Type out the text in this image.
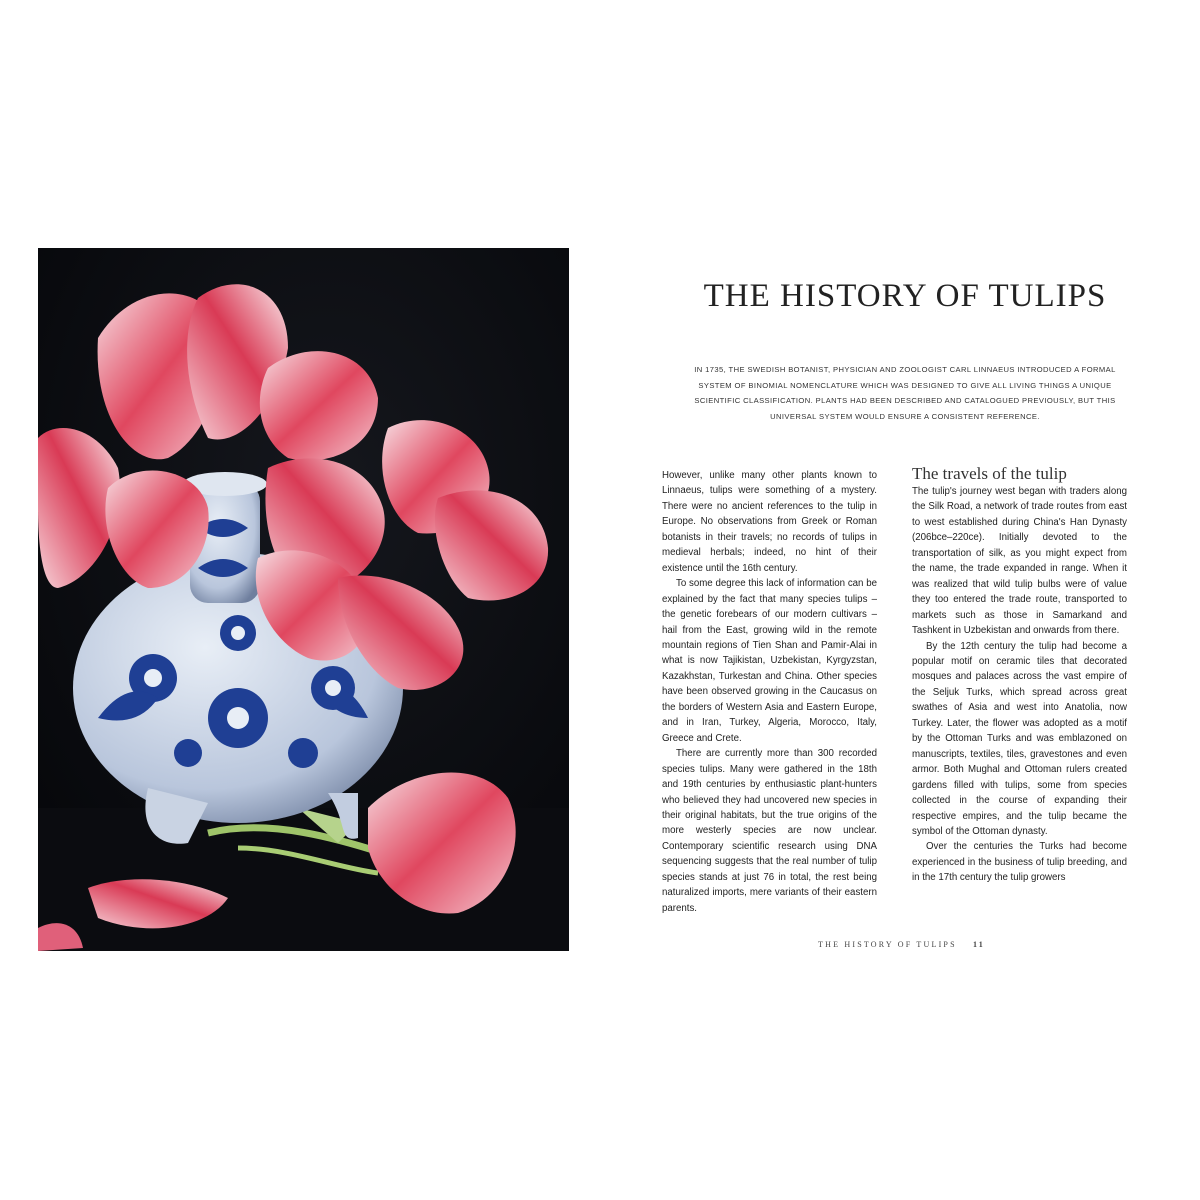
THE HISTORY OF TULIPS

IN 1735, THE SWEDISH BOTANIST, PHYSICIAN AND ZOOLOGIST CARL LINNAEUS INTRODUCED A FORMAL SYSTEM OF BINOMIAL NOMENCLATURE WHICH WAS DESIGNED TO GIVE ALL LIVING THINGS A UNIQUE SCIENTIFIC CLASSIFICATION. PLANTS HAD BEEN DESCRIBED AND CATALOGUED PREVIOUSLY, BUT THIS UNIVERSAL SYSTEM WOULD ENSURE A CONSISTENT REFERENCE.

However, unlike many other plants known to Linnaeus, tulips were something of a mystery. There were no ancient references to the tulip in Europe. No observations from Greek or Roman botanists in their travels; no records of tulips in medieval herbals; indeed, no hint of their existence until the 16th century.

To some degree this lack of information can be explained by the fact that many species tulips – the genetic forebears of our modern cultivars – hail from the East, growing wild in the remote mountain regions of Tien Shan and Pamir-Alai in what is now Tajikistan, Uzbekistan, Kyrgyzstan, Kazakhstan, Turkestan and China. Other species have been observed growing in the Caucasus on the borders of Western Asia and Eastern Europe, and in Iran, Turkey, Algeria, Morocco, Italy, Greece and Crete.

There are currently more than 300 recorded species tulips. Many were gathered in the 18th and 19th centuries by enthusiastic plant-hunters who believed they had uncovered new species in their original habitats, but the true origins of the more westerly species are now unclear. Contemporary scientific research using DNA sequencing suggests that the real number of tulip species stands at just 76 in total, the rest being naturalized imports, mere variants of their eastern parents.

The travels of the tulip

The tulip's journey west began with traders along the Silk Road, a network of trade routes from east to west established during China's Han Dynasty (206bce–220ce). Initially devoted to the transportation of silk, as you might expect from the name, the trade expanded in range. When it was realized that wild tulip bulbs were of value they too entered the trade route, transported to markets such as those in Samarkand and Tashkent in Uzbekistan and onwards from there.

By the 12th century the tulip had become a popular motif on ceramic tiles that decorated mosques and palaces across the vast empire of the Seljuk Turks, which spread across great swathes of Asia and west into Anatolia, now Turkey. Later, the flower was adopted as a motif by the Ottoman Turks and was emblazoned on manuscripts, textiles, tiles, gravestones and even armor. Both Mughal and Ottoman rulers created gardens filled with tulips, some from species collected in the course of expanding their respective empires, and the tulip became the symbol of the Ottoman dynasty.

Over the centuries the Turks had become experienced in the business of tulip breeding, and in the 17th century the tulip growers

THE HISTORY OF TULIPS 11
